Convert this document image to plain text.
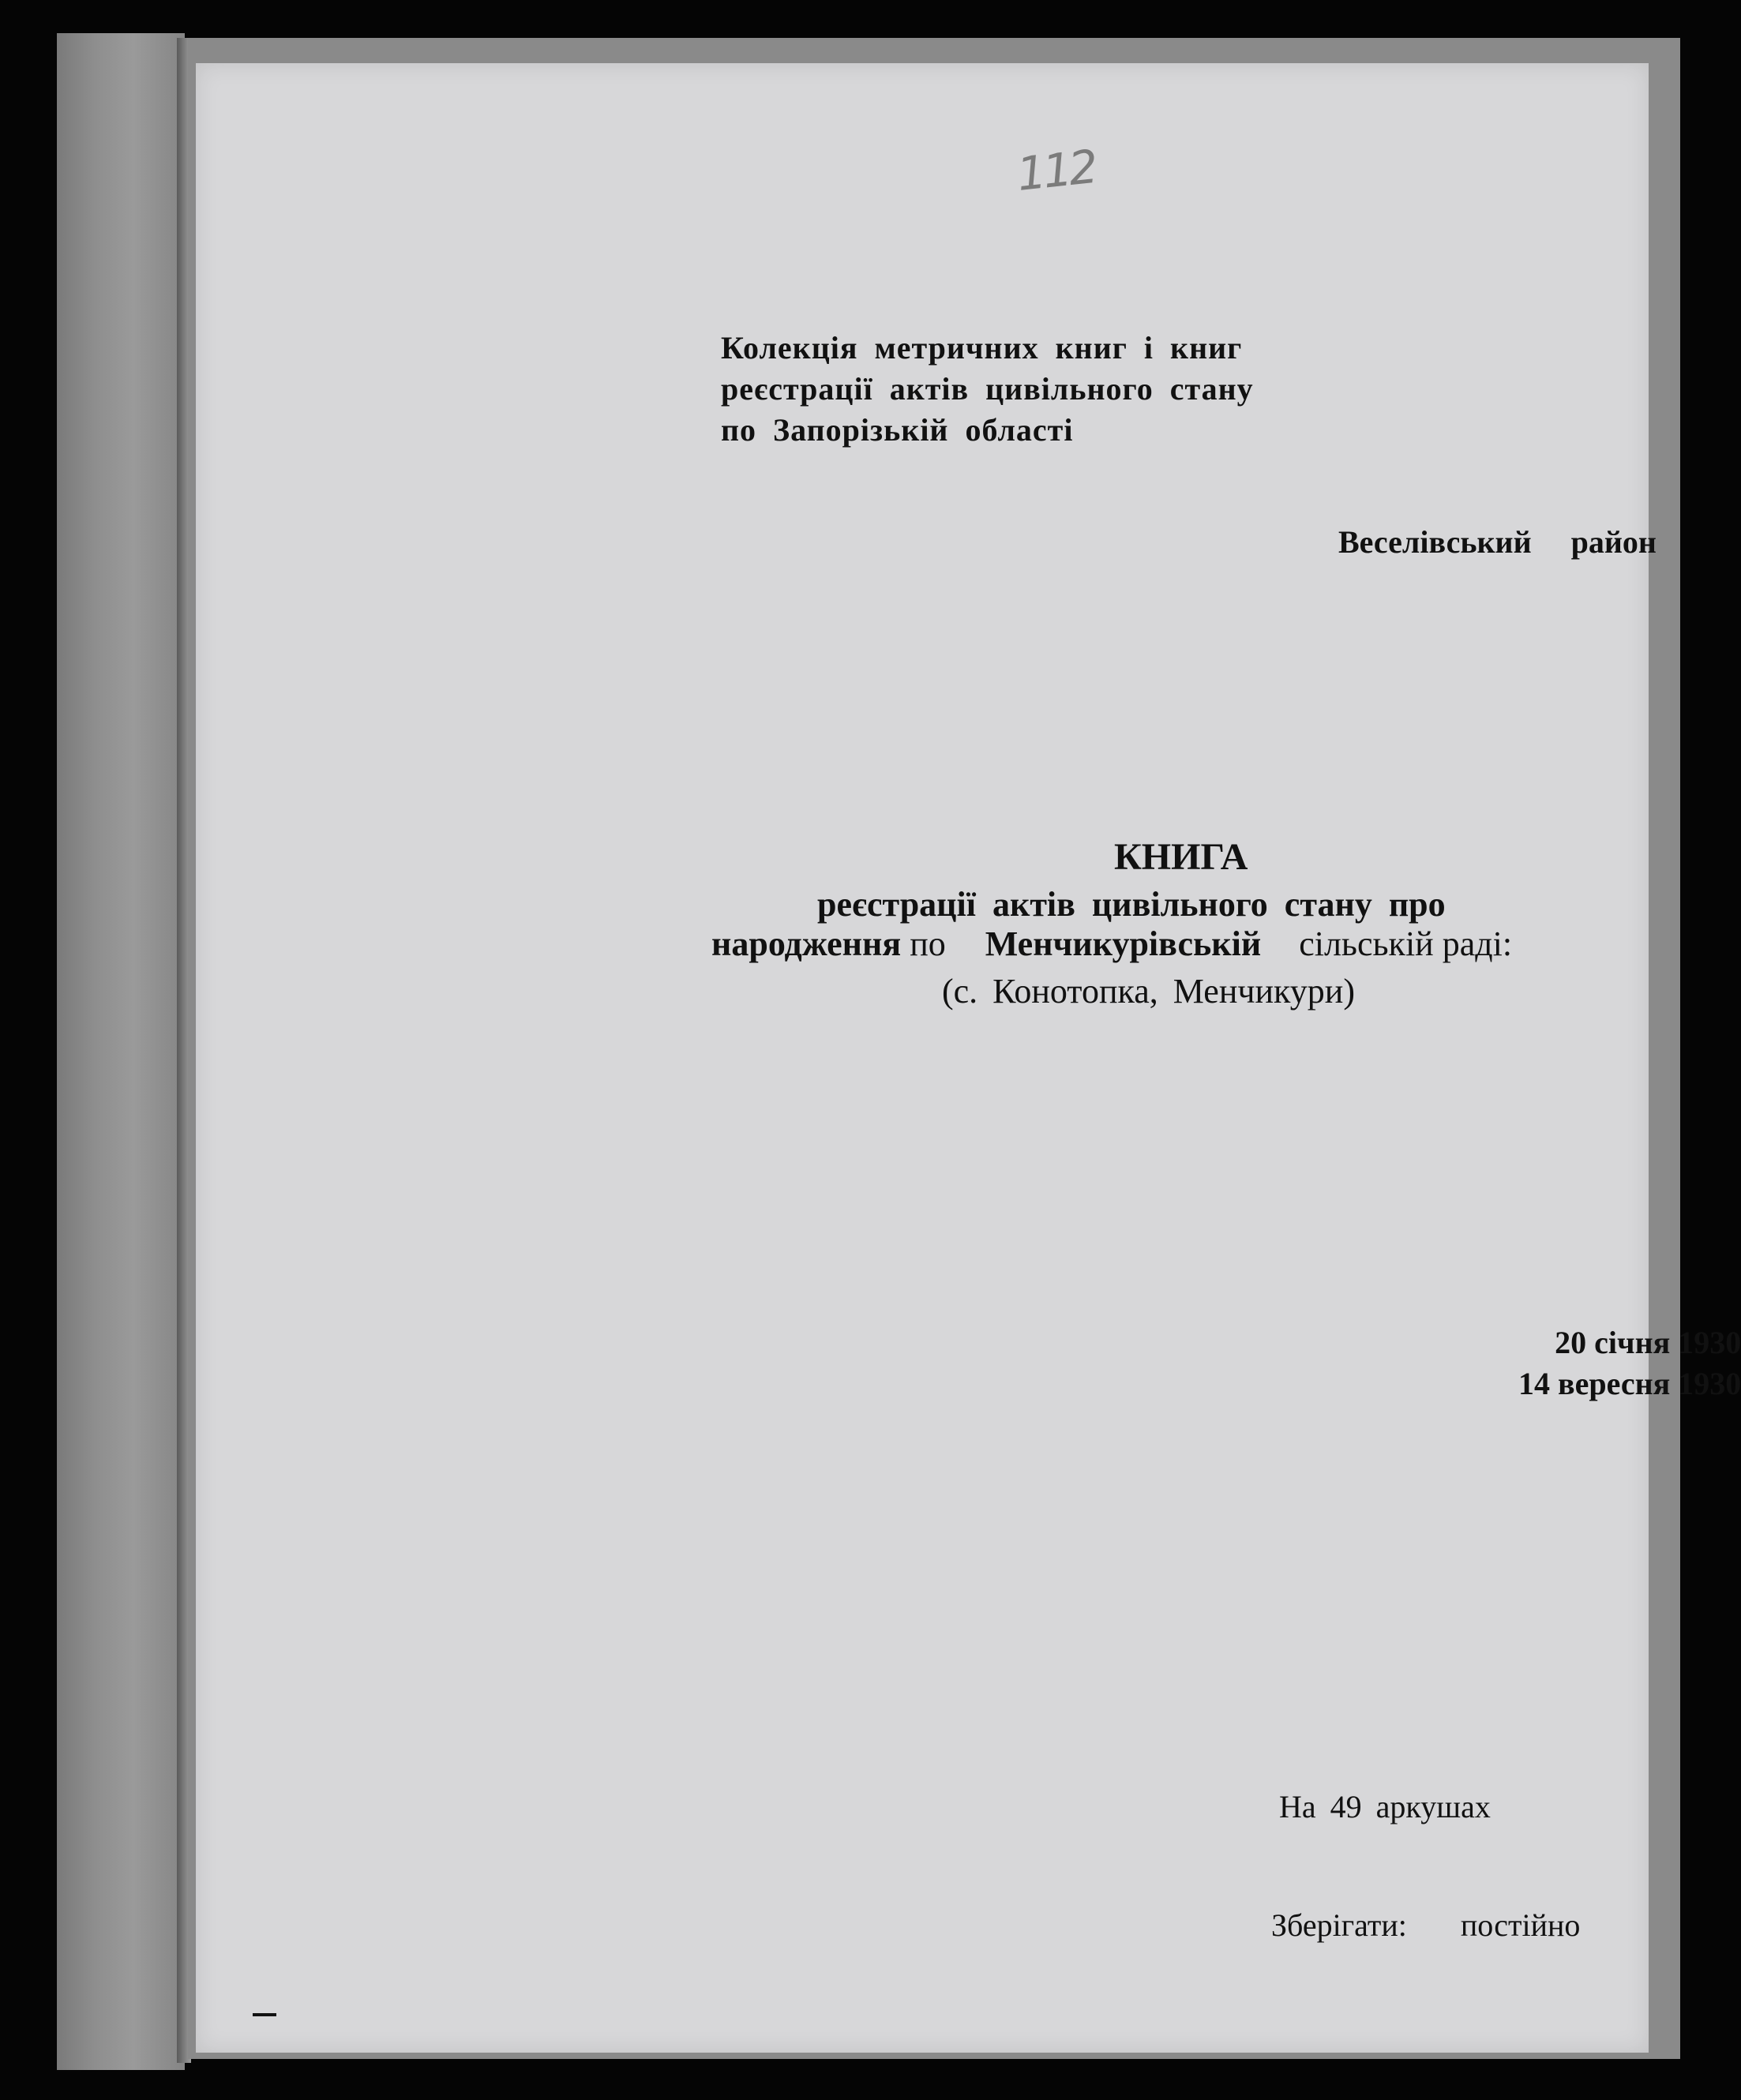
112
Колекція метричних книг і книг
реєстрації актів цивільного стану
по Запорізькій області
Веселівський район
КНИГА
реєстрації актів цивільного стану про
народження по Менчикурівській сільській раді:
(с. Конотопка, Менчикури)
20 січня 1930
14 вересня 1930
На 49 аркушах
Зберігати: постійно
